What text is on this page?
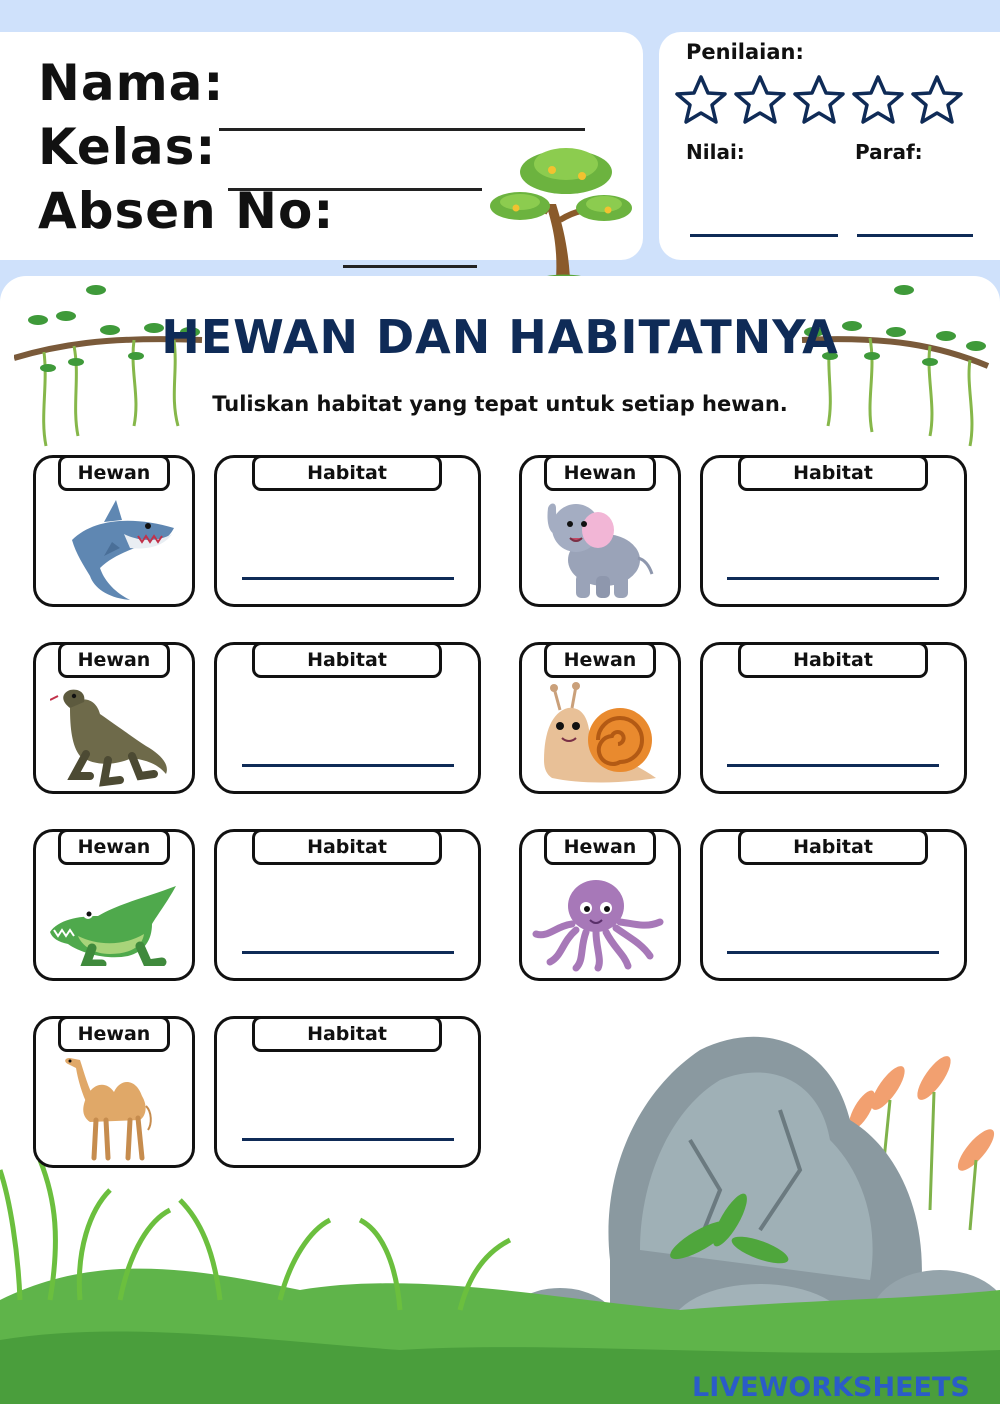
Nama:
Kelas:
Absen No:
Penilaian:
Nilai:	Paraf:
HEWAN DAN HABITATNYA
Tuliskan habitat yang tepat untuk setiap hewan.
Hewan	Habitat	Hewan	Habitat
Hewan	Habitat	Hewan	Habitat
Hewan	Habitat	Hewan	Habitat
Hewan	Habitat
LIVEWORKSHEETS
